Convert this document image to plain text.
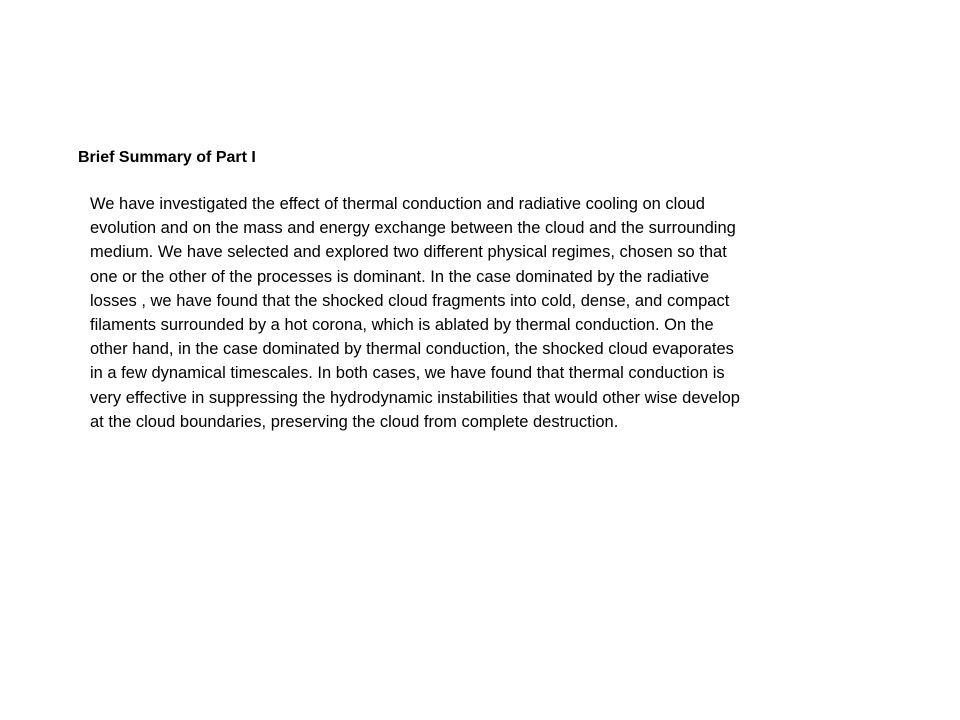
Brief Summary of Part I

We have investigated the effect of thermal conduction and radiative cooling on cloud
evolution and on the mass and energy exchange between the cloud and the surrounding
medium. We have selected and explored two different physical regimes, chosen so that
one or the other of the processes is dominant. In the case dominated by the radiative
losses , we have found that the shocked cloud fragments into cold, dense, and compact
filaments surrounded by a hot corona, which is ablated by thermal conduction. On the
other hand, in the case dominated by thermal conduction, the shocked cloud evaporates
in a few dynamical timescales. In both cases, we have found that thermal conduction is
very effective in suppressing the hydrodynamic instabilities that would other wise develop
at the cloud boundaries, preserving the cloud from complete destruction.
